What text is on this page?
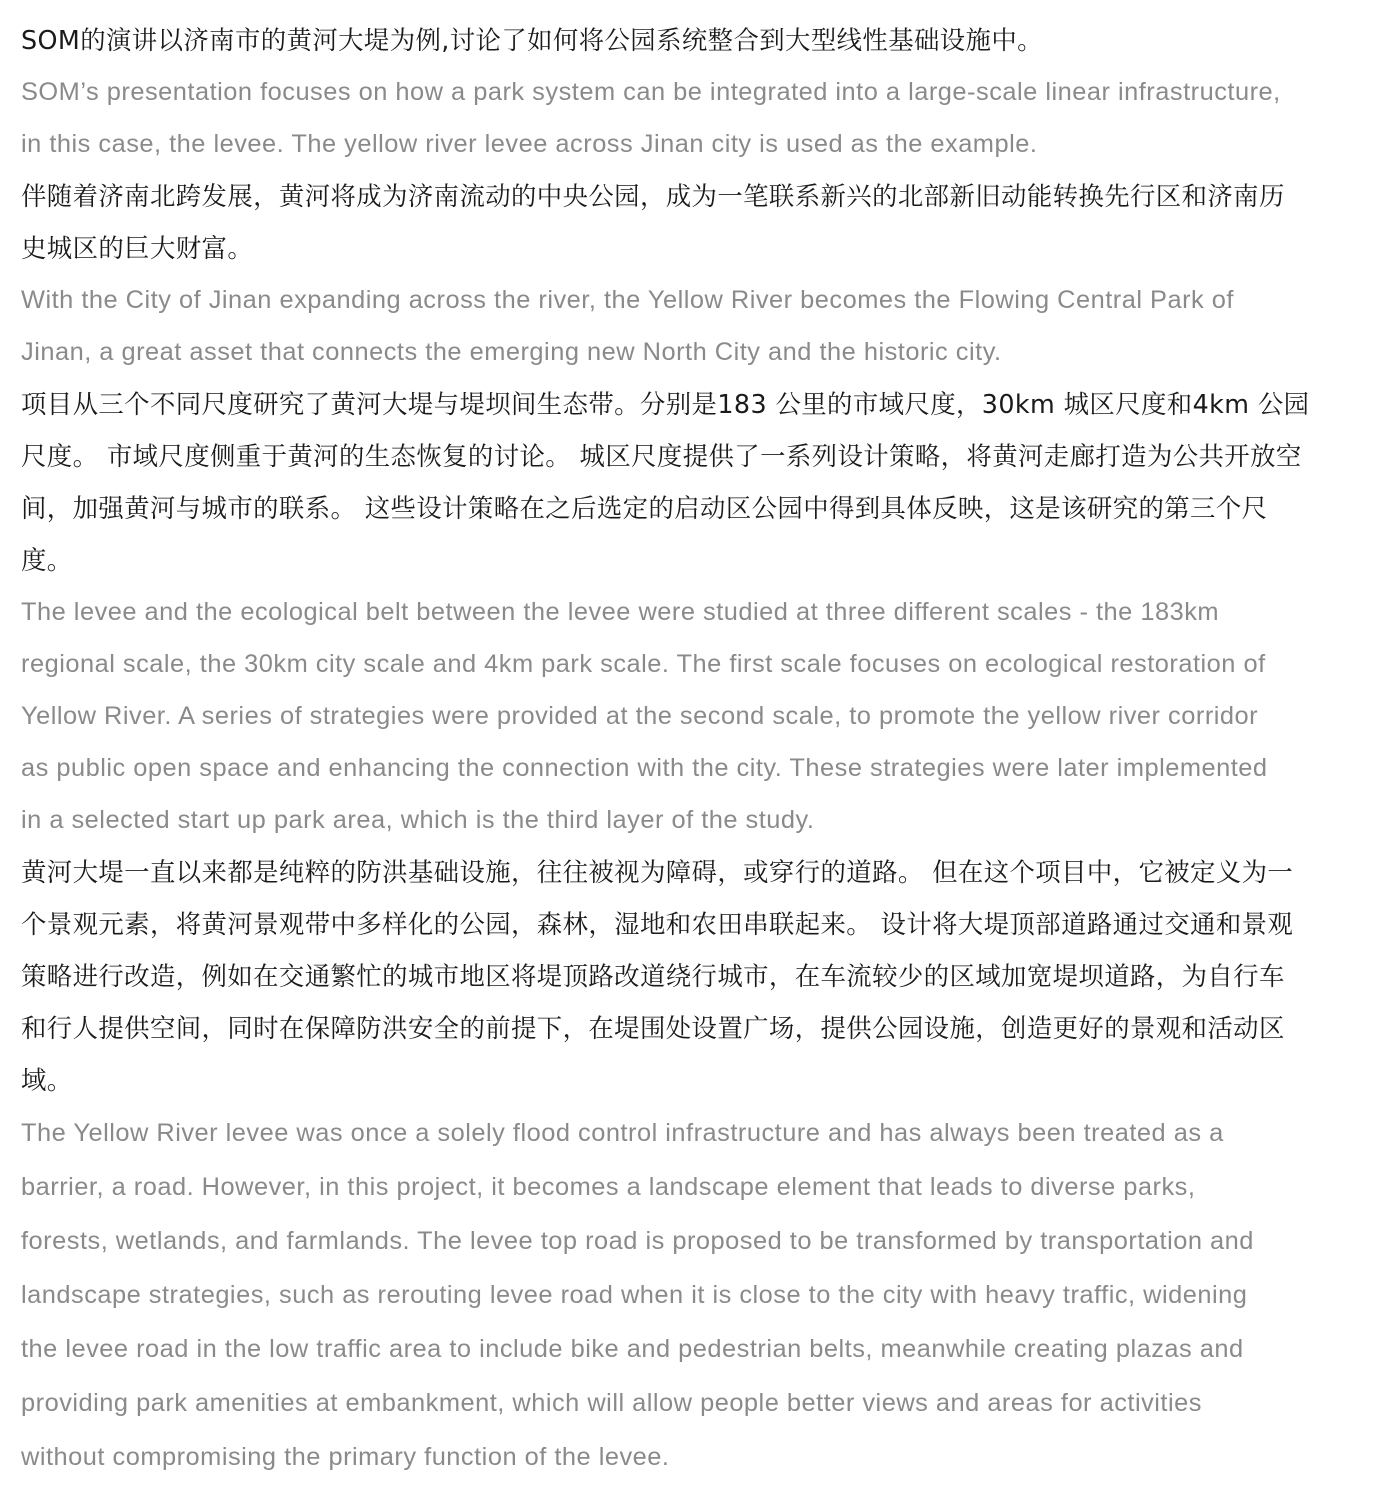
SOM的演讲以济南市的黄河大堤为例,讨论了如何将公园系统整合到大型线性基础设施中。
SOM’s presentation focuses on how a park system can be integrated into a large-scale linear infrastructure,
in this case, the levee. The yellow river levee across Jinan city is used as the example.
伴随着济南北跨发展，黄河将成为济南流动的中央公园，成为一笔联系新兴的北部新旧动能转换先行区和济南历
史城区的巨大财富。
With the City of Jinan expanding across the river, the Yellow River becomes the Flowing Central Park of
Jinan, a great asset that connects the emerging new North City and the historic city.
项目从三个不同尺度研究了黄河大堤与堤坝间生态带。分别是183 公里的市域尺度，30km 城区尺度和4km 公园
尺度。 市域尺度侧重于黄河的生态恢复的讨论。 城区尺度提供了一系列设计策略，将黄河走廊打造为公共开放空
间，加强黄河与城市的联系。 这些设计策略在之后选定的启动区公园中得到具体反映，这是该研究的第三个尺
度。
The levee and the ecological belt between the levee were studied at three different scales - the 183km
regional scale, the 30km city scale and 4km park scale. The first scale focuses on ecological restoration of
Yellow River. A series of strategies were provided at the second scale, to promote the yellow river corridor
as public open space and enhancing the connection with the city. These strategies were later implemented
in a selected start up park area, which is the third layer of the study.
黄河大堤一直以来都是纯粹的防洪基础设施，往往被视为障碍，或穿行的道路。 但在这个项目中，它被定义为一
个景观元素，将黄河景观带中多样化的公园，森林，湿地和农田串联起来。 设计将大堤顶部道路通过交通和景观
策略进行改造，例如在交通繁忙的城市地区将堤顶路改道绕行城市，在车流较少的区域加宽堤坝道路，为自行车
和行人提供空间，同时在保障防洪安全的前提下，在堤围处设置广场，提供公园设施，创造更好的景观和活动区
域。
The Yellow River levee was once a solely flood control infrastructure and has always been treated as a
barrier, a road. However, in this project, it becomes a landscape element that leads to diverse parks,
forests, wetlands, and farmlands. The levee top road is proposed to be transformed by transportation and
landscape strategies, such as rerouting levee road when it is close to the city with heavy traffic, widening
the levee road in the low traffic area to include bike and pedestrian belts, meanwhile creating plazas and
providing park amenities at embankment, which will allow people better views and areas for activities
without compromising the primary function of the levee.
